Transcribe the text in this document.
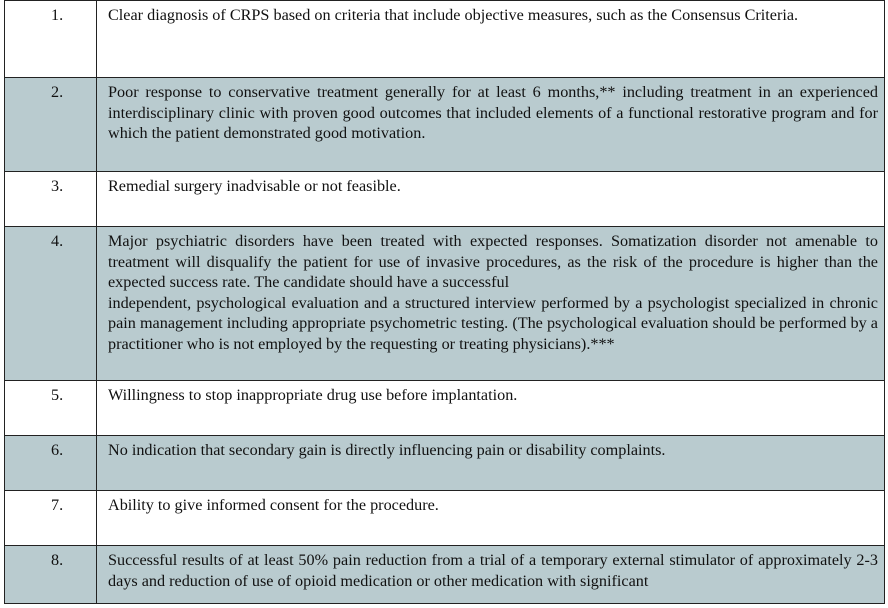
1.	Clear diagnosis of CRPS based on criteria that include objective measures, such as the Consensus Criteria.

2.	Poor response to conservative treatment generally for at least 6 months,** including treatment in an experienced interdisciplinary clinic with proven good outcomes that included elements of a functional restorative program and for which the patient demonstrated good motivation.

3.	Remedial surgery inadvisable or not feasible.

4.	Major psychiatric disorders have been treated with expected responses. Somatization disorder not amenable to treatment will disqualify the patient for use of invasive procedures, as the risk of the procedure is higher than the expected success rate. The candidate should have a successful

independent, psychological evaluation and a structured interview performed by a psychologist specialized in chronic pain management including appropriate psychometric testing. (The psychological evaluation should be performed by a practitioner who is not employed by the requesting or treating physicians).***

5.	Willingness to stop inappropriate drug use before implantation.

6.	No indication that secondary gain is directly influencing pain or disability complaints.

7.	Ability to give informed consent for the procedure.

8.	Successful results of at least 50% pain reduction from a trial of a temporary external stimulator of approximately 2-3 days and reduction of use of opioid medication or other medication with significant
